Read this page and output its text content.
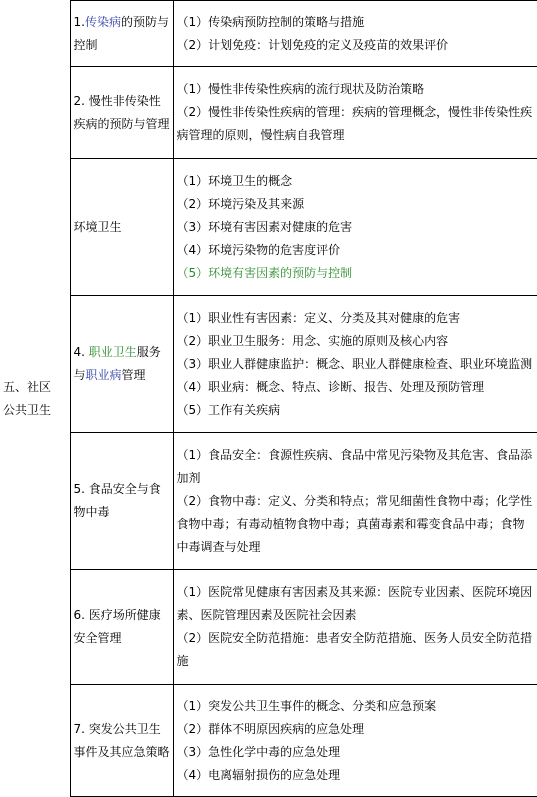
五、社区
公共卫生	1.传染病的预防与控制	（1）传染病预防控制的策略与措施
（2）计划免疫：计划免疫的定义及疫苗的效果评价

	2. 慢性非传染性疾病的预防与管理	（1）慢性非传染性疾病的流行现状及防治策略
（2）慢性非传染性疾病的管理：疾病的管理概念，慢性非传染性疾病管理的原则，慢性病自我管理

	环境卫生	（1）环境卫生的概念
（2）环境污染及其来源
（3）环境有害因素对健康的危害
（4）环境污染物的危害度评价
（5）环境有害因素的预防与控制

	4. 职业卫生服务 与职业病管理	（1）职业性有害因素：定义、分类及其对健康的危害
（2）职业卫生服务：用念、实施的原则及核心内容
（3）职业人群健康监护：概念、职业人群健康检查、职业环境监测
（4）职业病：概念、特点、诊断、报告、处理及预防管理
（5）工作有关疾病

	5. 食品安全与食 物中毒	（1）食品安全：食源性疾病、食品中常见污染物及其危害、食品添加剂
（2）食物中毒：定义、分类和特点；常见细菌性食物中毒；化学性食物中毒；有毒动植物食物中毒；真菌毒素和霉变食品中毒；食物中毒调查与处理

	6. 医疗场所健康 安全管理	（1）医院常见健康有害因素及其来源：医院专业因素、医院环境因素、医院管理因素及医院社会因素
（2）医院安全防范措施：患者安全防范措施、医务人员安全防范措施

	7. 突发公共卫生 事件及其应急策略	（1）突发公共卫生事件的概念、分类和应急预案
（2）群体不明原因疾病的应急处理
（3）急性化学中毒的应急处理
（4）电离辐射损伤的应急处理
